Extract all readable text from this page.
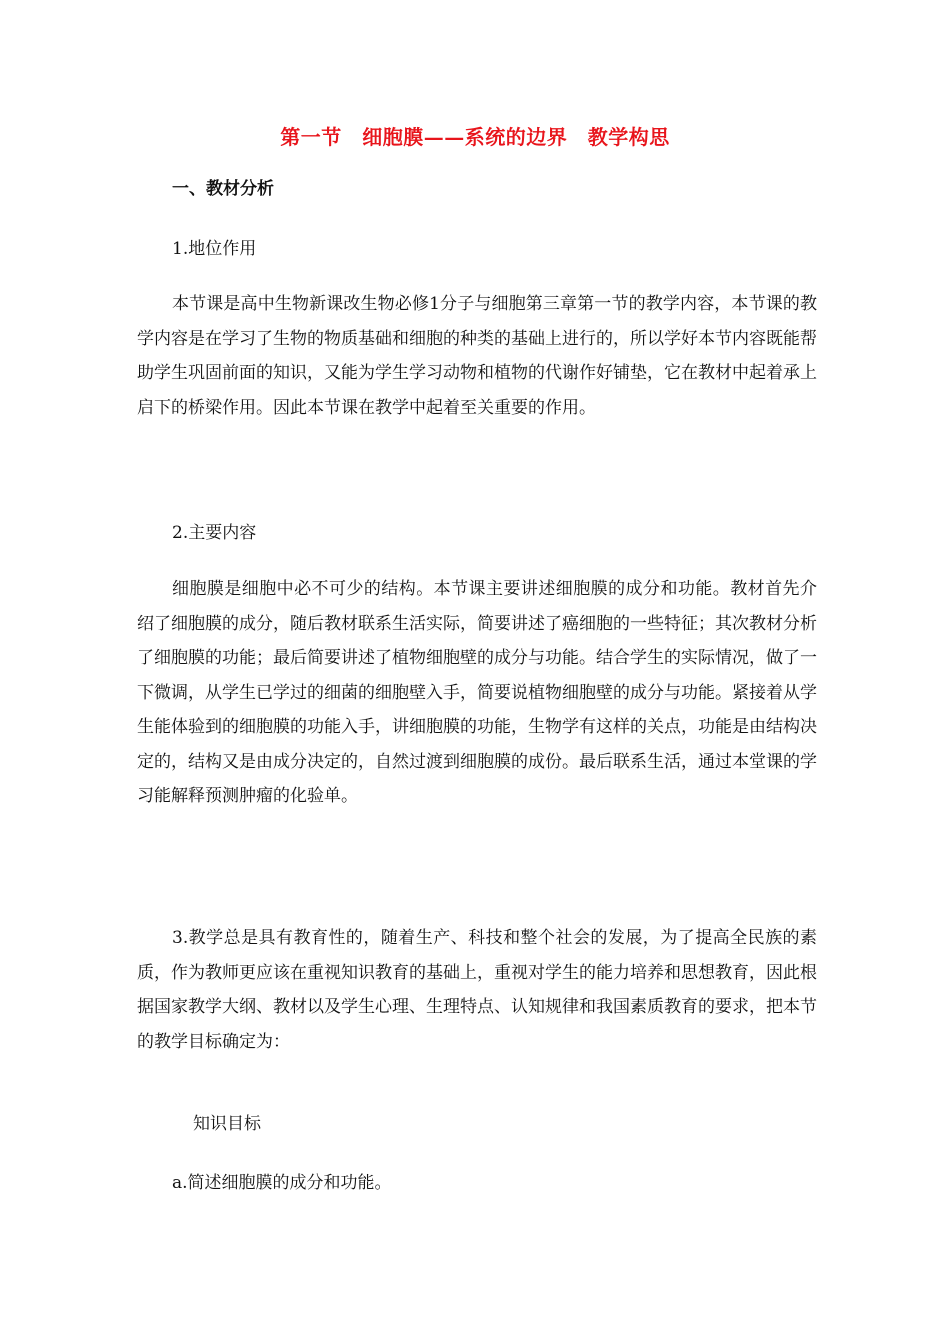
第一节　细胞膜——系统的边界　教学构思
一、教材分析
1.地位作用

本节课是高中生物新课改生物必修1分子与细胞第三章第一节的教学内容，本节课的教学内容是在学习了生物的物质基础和细胞的种类的基础上进行的，所以学好本节内容既能帮助学生巩固前面的知识，又能为学生学习动物和植物的代谢作好铺垫，它在教材中起着承上启下的桥梁作用。因此本节课在教学中起着至关重要的作用。

2.主要内容

细胞膜是细胞中必不可少的结构。本节课主要讲述细胞膜的成分和功能。教材首先介绍了细胞膜的成分，随后教材联系生活实际，简要讲述了癌细胞的一些特征；其次教材分析了细胞膜的功能；最后简要讲述了植物细胞壁的成分与功能。结合学生的实际情况，做了一下微调，从学生已学过的细菌的细胞壁入手，简要说植物细胞壁的成分与功能。紧接着从学生能体验到的细胞膜的功能入手，讲细胞膜的功能，生物学有这样的关点，功能是由结构决定的，结构又是由成分决定的，自然过渡到细胞膜的成份。最后联系生活，通过本堂课的学习能解释预测肿瘤的化验单。

3.教学总是具有教育性的，随着生产、科技和整个社会的发展，为了提高全民族的素质，作为教师更应该在重视知识教育的基础上，重视对学生的能力培养和思想教育，因此根据国家教学大纲、教材以及学生心理、生理特点、认知规律和我国素质教育的要求，把本节的教学目标确定为：

知识目标
a.简述细胞膜的成分和功能。
